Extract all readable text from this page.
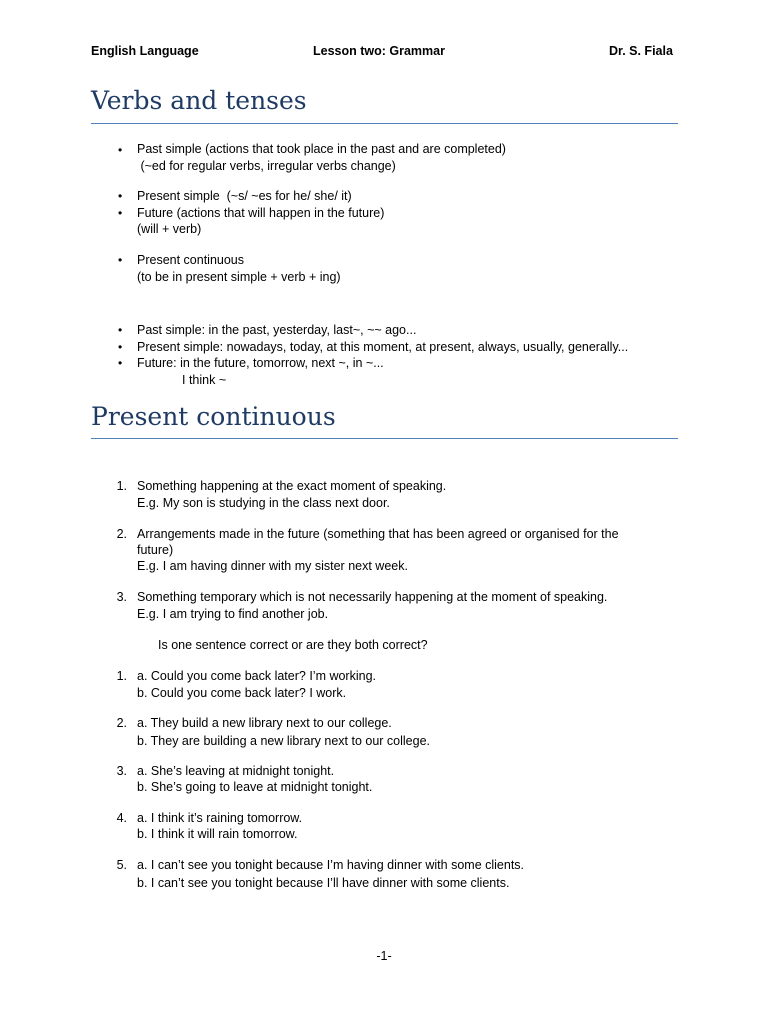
English Language	Lesson two: Grammar	Dr. S. Fiala
Verbs and tenses
• Past simple (actions that took place in the past and are completed)
(~ed for regular verbs, irregular verbs change)
• Present simple  (~s/ ~es for he/ she/ it)
• Future (actions that will happen in the future)
(will + verb)
• Present continuous
(to be in present simple + verb + ing)
• Past simple: in the past, yesterday, last~, ~~ ago...
• Present simple: nowadays, today, at this moment, at present, always, usually, generally...
• Future: in the future, tomorrow, next ~, in ~...
I think ~
Present continuous
1. Something happening at the exact moment of speaking.
E.g. My son is studying in the class next door.
2. Arrangements made in the future (something that has been agreed or organised for the
future)
E.g. I am having dinner with my sister next week.
3. Something temporary which is not necessarily happening at the moment of speaking.
E.g. I am trying to find another job.
Is one sentence correct or are they both correct?
1. a. Could you come back later? I’m working.
b. Could you come back later? I work.
2. a. They build a new library next to our college.
b. They are building a new library next to our college.
3. a. She’s leaving at midnight tonight.
b. She’s going to leave at midnight tonight.
4. a. I think it’s raining tomorrow.
b. I think it will rain tomorrow.
5. a. I can’t see you tonight because I’m having dinner with some clients.
b. I can’t see you tonight because I’ll have dinner with some clients.
-1-
